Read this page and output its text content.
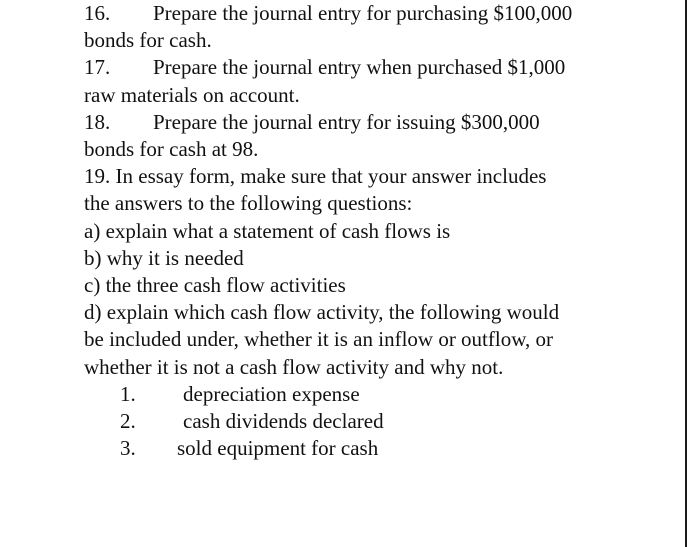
16. Prepare the journal entry for purchasing $100,000
bonds for cash.
17. Prepare the journal entry when purchased $1,000
raw materials on account.
18. Prepare the journal entry for issuing $300,000
bonds for cash at 98.
19. In essay form, make sure that your answer includes
the answers to the following questions:
a) explain what a statement of cash flows is
b) why it is needed
c) the three cash flow activities
d) explain which cash flow activity, the following would
be included under, whether it is an inflow or outflow, or
whether it is not a cash flow activity and why not.
1. depreciation expense
2. cash dividends declared
3. sold equipment for cash
